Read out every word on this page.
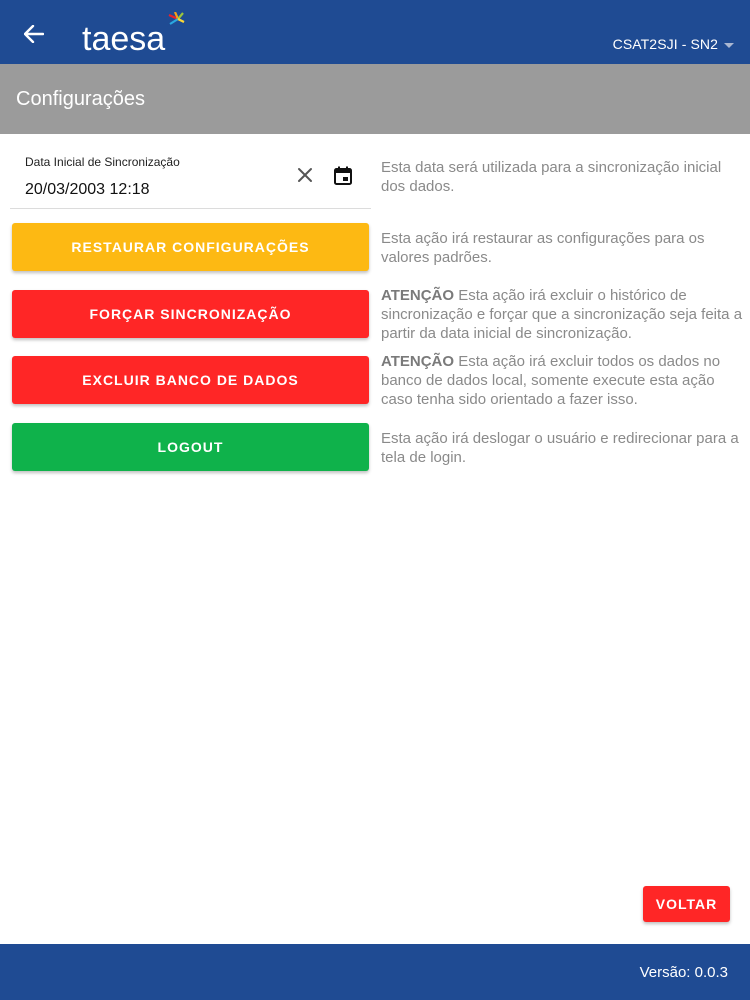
taesa	CSAT2SJI - SN2
Configurações
Data Inicial de Sincronização
20/03/2003 12:18
Esta data será utilizada para a sincronização inicial dos dados.
RESTAURAR CONFIGURAÇÕES	Esta ação irá restaurar as configurações para os valores padrões.
FORÇAR SINCRONIZAÇÃO
ATENÇÃO Esta ação irá excluir o histórico de sincronização e forçar que a sincronização seja feita a partir da data inicial de sincronização.
EXCLUIR BANCO DE DADOS
ATENÇÃO Esta ação irá excluir todos os dados no banco de dados local, somente execute esta ação caso tenha sido orientado a fazer isso.
LOGOUT	Esta ação irá deslogar o usuário e redirecionar para a tela de login.
VOLTAR
Versão: 0.0.3
